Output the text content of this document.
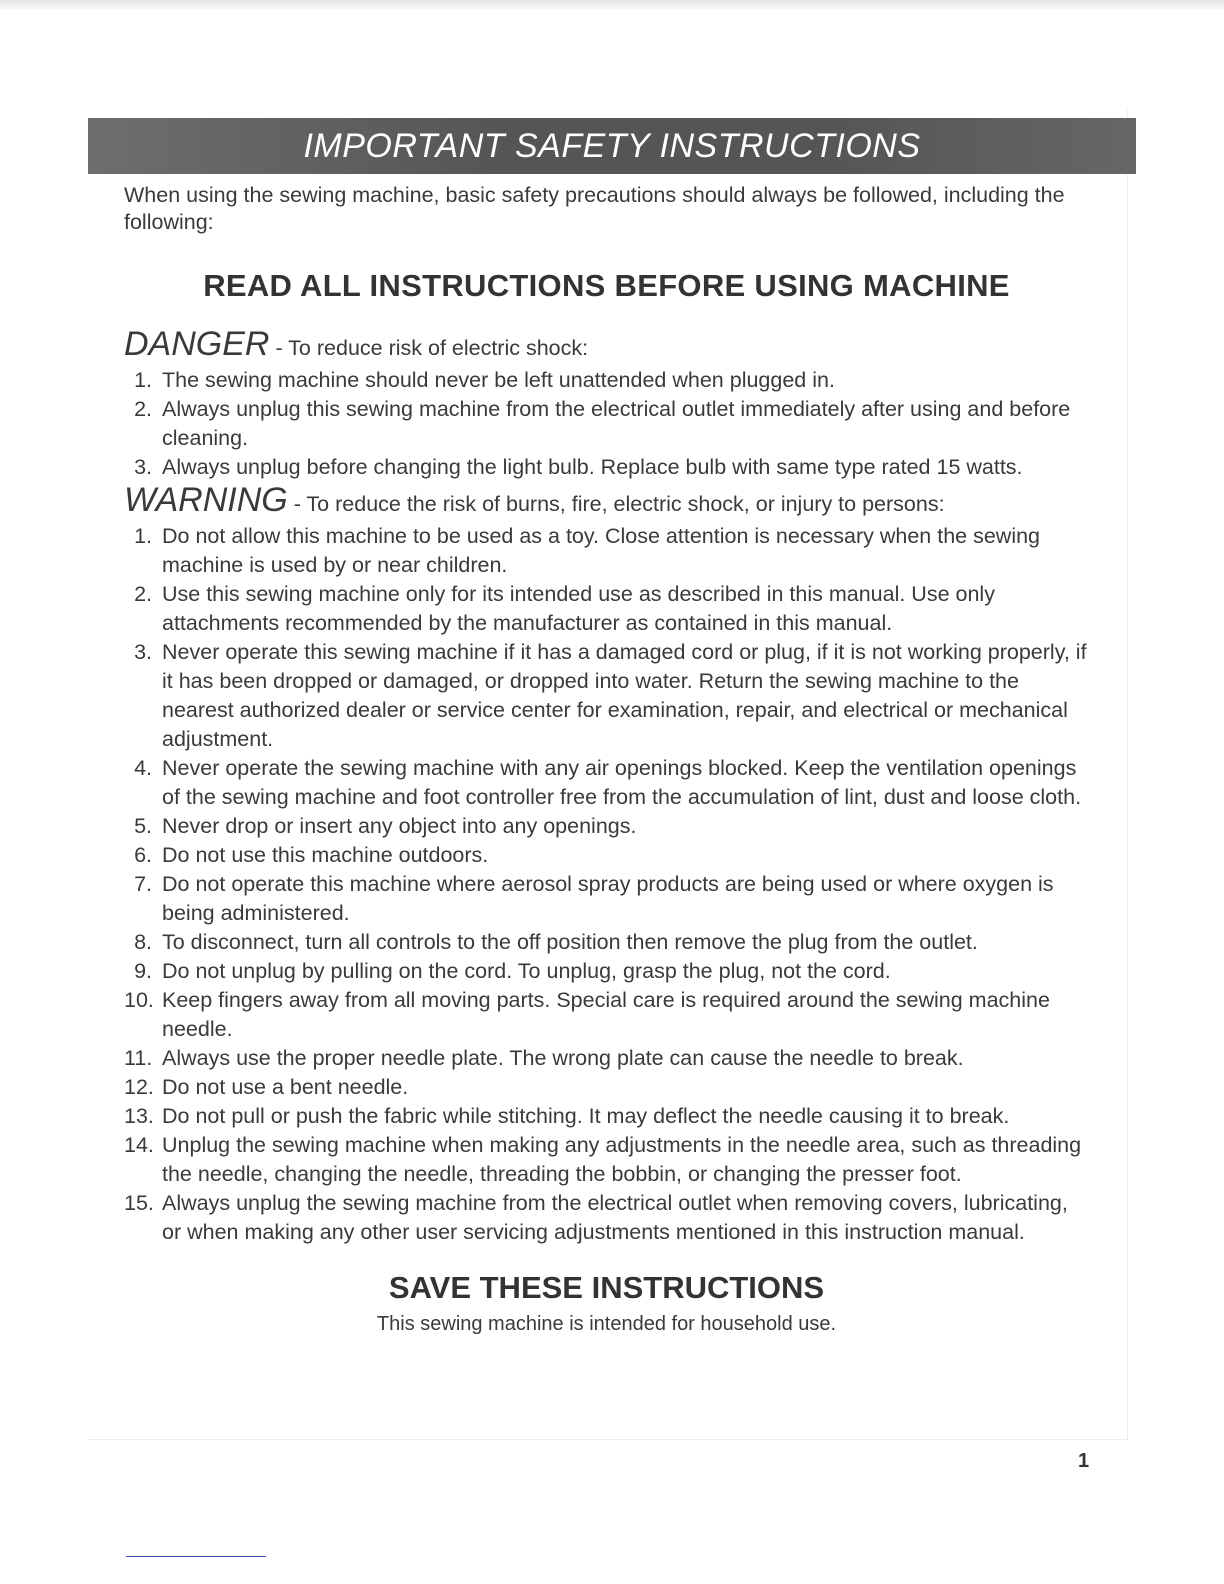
IMPORTANT SAFETY INSTRUCTIONS

When using the sewing machine, basic safety precautions should always be followed, including the following:

READ ALL INSTRUCTIONS BEFORE USING MACHINE

DANGER - To reduce risk of electric shock:

1. The sewing machine should never be left unattended when plugged in.
2. Always unplug this sewing machine from the electrical outlet immediately after using and before cleaning.
3. Always unplug before changing the light bulb. Replace bulb with same type rated 15 watts.

WARNING - To reduce the risk of burns, fire, electric shock, or injury to persons:

1. Do not allow this machine to be used as a toy. Close attention is necessary when the sewing machine is used by or near children.
2. Use this sewing machine only for its intended use as described in this manual. Use only attachments recommended by the manufacturer as contained in this manual.
3. Never operate this sewing machine if it has a damaged cord or plug, if it is not working properly, if it has been dropped or damaged, or dropped into water. Return the sewing machine to the nearest authorized dealer or service center for examination, repair, and electrical or mechanical adjustment.
4. Never operate the sewing machine with any air openings blocked. Keep the ventilation openings of the sewing machine and foot controller free from the accumulation of lint, dust and loose cloth.
5. Never drop or insert any object into any openings.
6. Do not use this machine outdoors.
7. Do not operate this machine where aerosol spray products are being used or where oxygen is being administered.
8. To disconnect, turn all controls to the off position then remove the plug from the outlet.
9. Do not unplug by pulling on the cord. To unplug, grasp the plug, not the cord.
10. Keep fingers away from all moving parts. Special care is required around the sewing machine needle.
11. Always use the proper needle plate. The wrong plate can cause the needle to break.
12. Do not use a bent needle.
13. Do not pull or push the fabric while stitching. It may deflect the needle causing it to break.
14. Unplug the sewing machine when making any adjustments in the needle area, such as threading the needle, changing the needle, threading the bobbin, or changing the presser foot.
15. Always unplug the sewing machine from the electrical outlet when removing covers, lubricating, or when making any other user servicing adjustments mentioned in this instruction manual.

SAVE THESE INSTRUCTIONS

This sewing machine is intended for household use.

1
